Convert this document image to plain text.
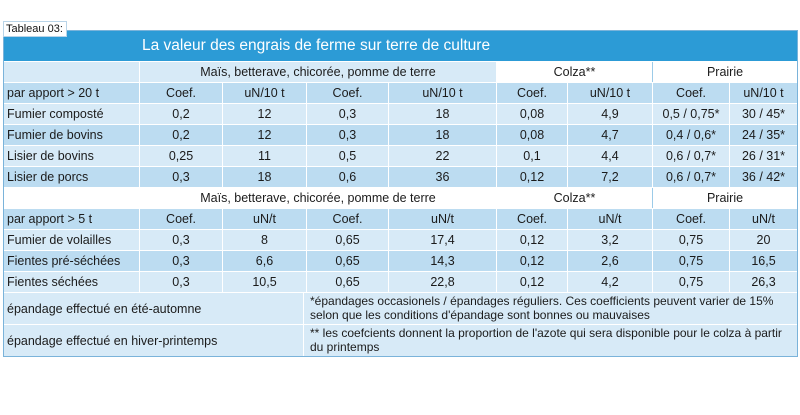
Tableau 03:
La valeur des engrais de ferme sur terre de culture
Maïs, betterave, chicorée, pomme de terre	Colza**	Prairie
par apport > 20 t	Coef.	uN/10 t	Coef.	uN/10 t	Coef.	uN/10 t	Coef.	uN/10 t
Fumier composté	0,2	12	0,3	18	0,08	4,9	0,5 / 0,75*	30 / 45*
Fumier de bovins	0,2	12	0,3	18	0,08	4,7	0,4 / 0,6*	24 / 35*
Lisier de bovins	0,25	11	0,5	22	0,1	4,4	0,6 / 0,7*	26 / 31*
Lisier de porcs	0,3	18	0,6	36	0,12	7,2	0,6 / 0,7*	36 / 42*
Maïs, betterave, chicorée, pomme de terre	Colza**	Prairie
par apport > 5 t	Coef.	uN/t	Coef.	uN/t	Coef.	uN/t	Coef.	uN/t
Fumier de volailles	0,3	8	0,65	17,4	0,12	3,2	0,75	20
Fientes pré-séchées	0,3	6,6	0,65	14,3	0,12	2,6	0,75	16,5
Fientes séchées	0,3	10,5	0,65	22,8	0,12	4,2	0,75	26,3
épandage effectué en été-automne
*épandages occasionels / épandages réguliers. Ces coefficients peuvent varier de 15% selon que les conditions d'épandage sont bonnes ou mauvaises
épandage effectué en hiver-printemps
** les coefcients donnent la proportion de l'azote qui sera disponible pour le colza à partir du printemps
